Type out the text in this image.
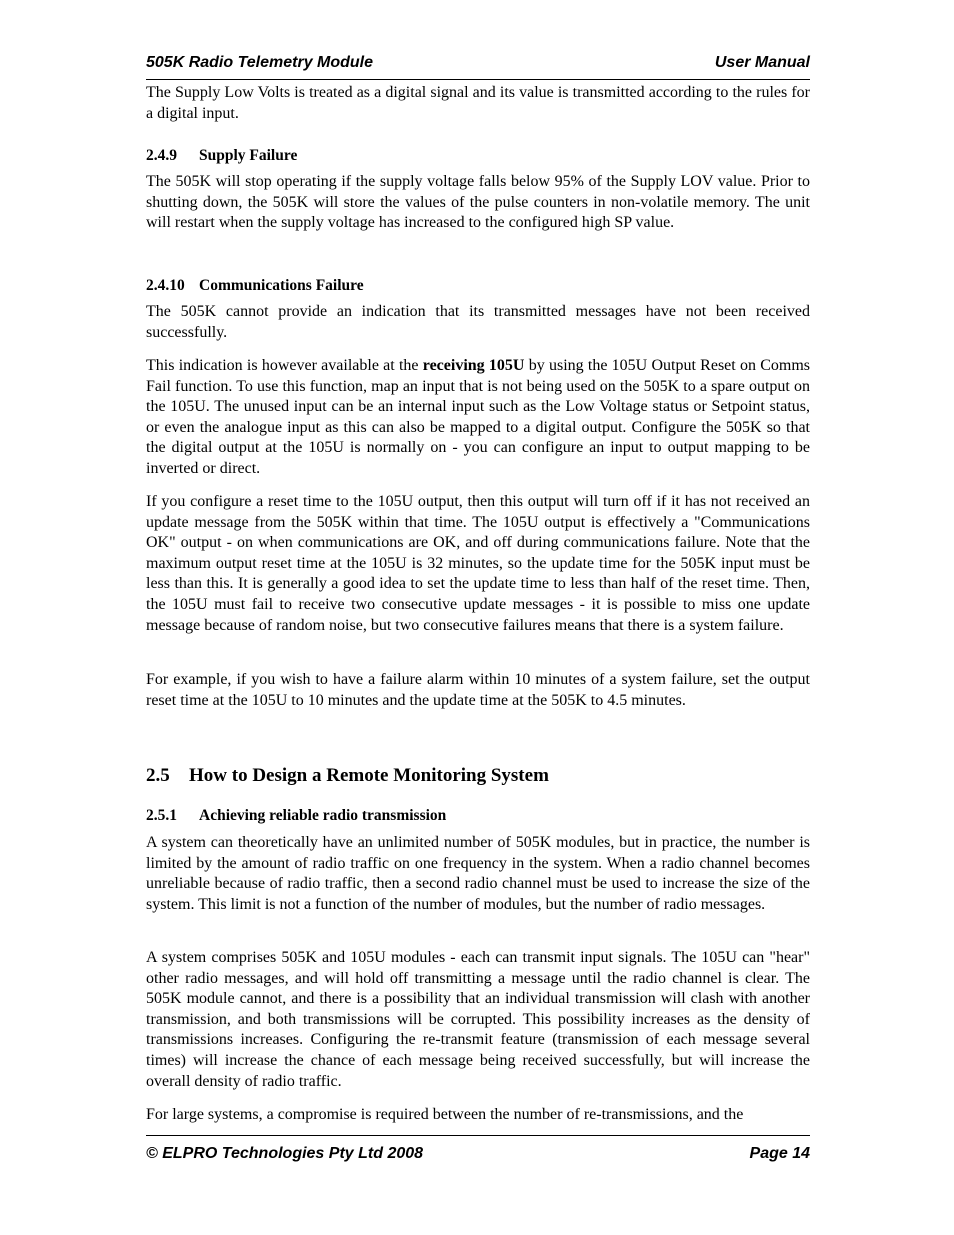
505K Radio Telemetry Module	User Manual

The Supply Low Volts is treated as a digital signal and its value is transmitted according to the rules for a digital input.

2.4.9 Supply Failure

The 505K will stop operating if the supply voltage falls below 95% of the Supply LOV value. Prior to shutting down, the 505K will store the values of the pulse counters in non-volatile memory. The unit will restart when the supply voltage has increased to the configured high SP value.

2.4.10 Communications Failure

The 505K cannot provide an indication that its transmitted messages have not been received successfully.

This indication is however available at the receiving 105U by using the 105U Output Reset on Comms Fail function. To use this function, map an input that is not being used on the 505K to a spare output on the 105U. The unused input can be an internal input such as the Low Voltage status or Setpoint status, or even the analogue input as this can also be mapped to a digital output. Configure the 505K so that the digital output at the 105U is normally on - you can configure an input to output mapping to be inverted or direct.

If you configure a reset time to the 105U output, then this output will turn off if it has not received an update message from the 505K within that time. The 105U output is effectively a "Communications OK" output - on when communications are OK, and off during communications failure. Note that the maximum output reset time at the 105U is 32 minutes, so the update time for the 505K input must be less than this. It is generally a good idea to set the update time to less than half of the reset time. Then, the 105U must fail to receive two consecutive update messages - it is possible to miss one update message because of random noise, but two consecutive failures means that there is a system failure.

For example, if you wish to have a failure alarm within 10 minutes of a system failure, set the output reset time at the 105U to 10 minutes and the update time at the 505K to 4.5 minutes.

2.5 How to Design a Remote Monitoring System

2.5.1 Achieving reliable radio transmission

A system can theoretically have an unlimited number of 505K modules, but in practice, the number is limited by the amount of radio traffic on one frequency in the system. When a radio channel becomes unreliable because of radio traffic, then a second radio channel must be used to increase the size of the system. This limit is not a function of the number of modules, but the number of radio messages.

A system comprises 505K and 105U modules - each can transmit input signals. The 105U can "hear" other radio messages, and will hold off transmitting a message until the radio channel is clear. The 505K module cannot, and there is a possibility that an individual transmission will clash with another transmission, and both transmissions will be corrupted. This possibility increases as the density of transmissions increases. Configuring the re-transmit feature (transmission of each message several times) will increase the chance of each message being received successfully, but will increase the overall density of radio traffic.

For large systems, a compromise is required between the number of re-transmissions, and the

© ELPRO Technologies Pty Ltd 2008	Page 14
